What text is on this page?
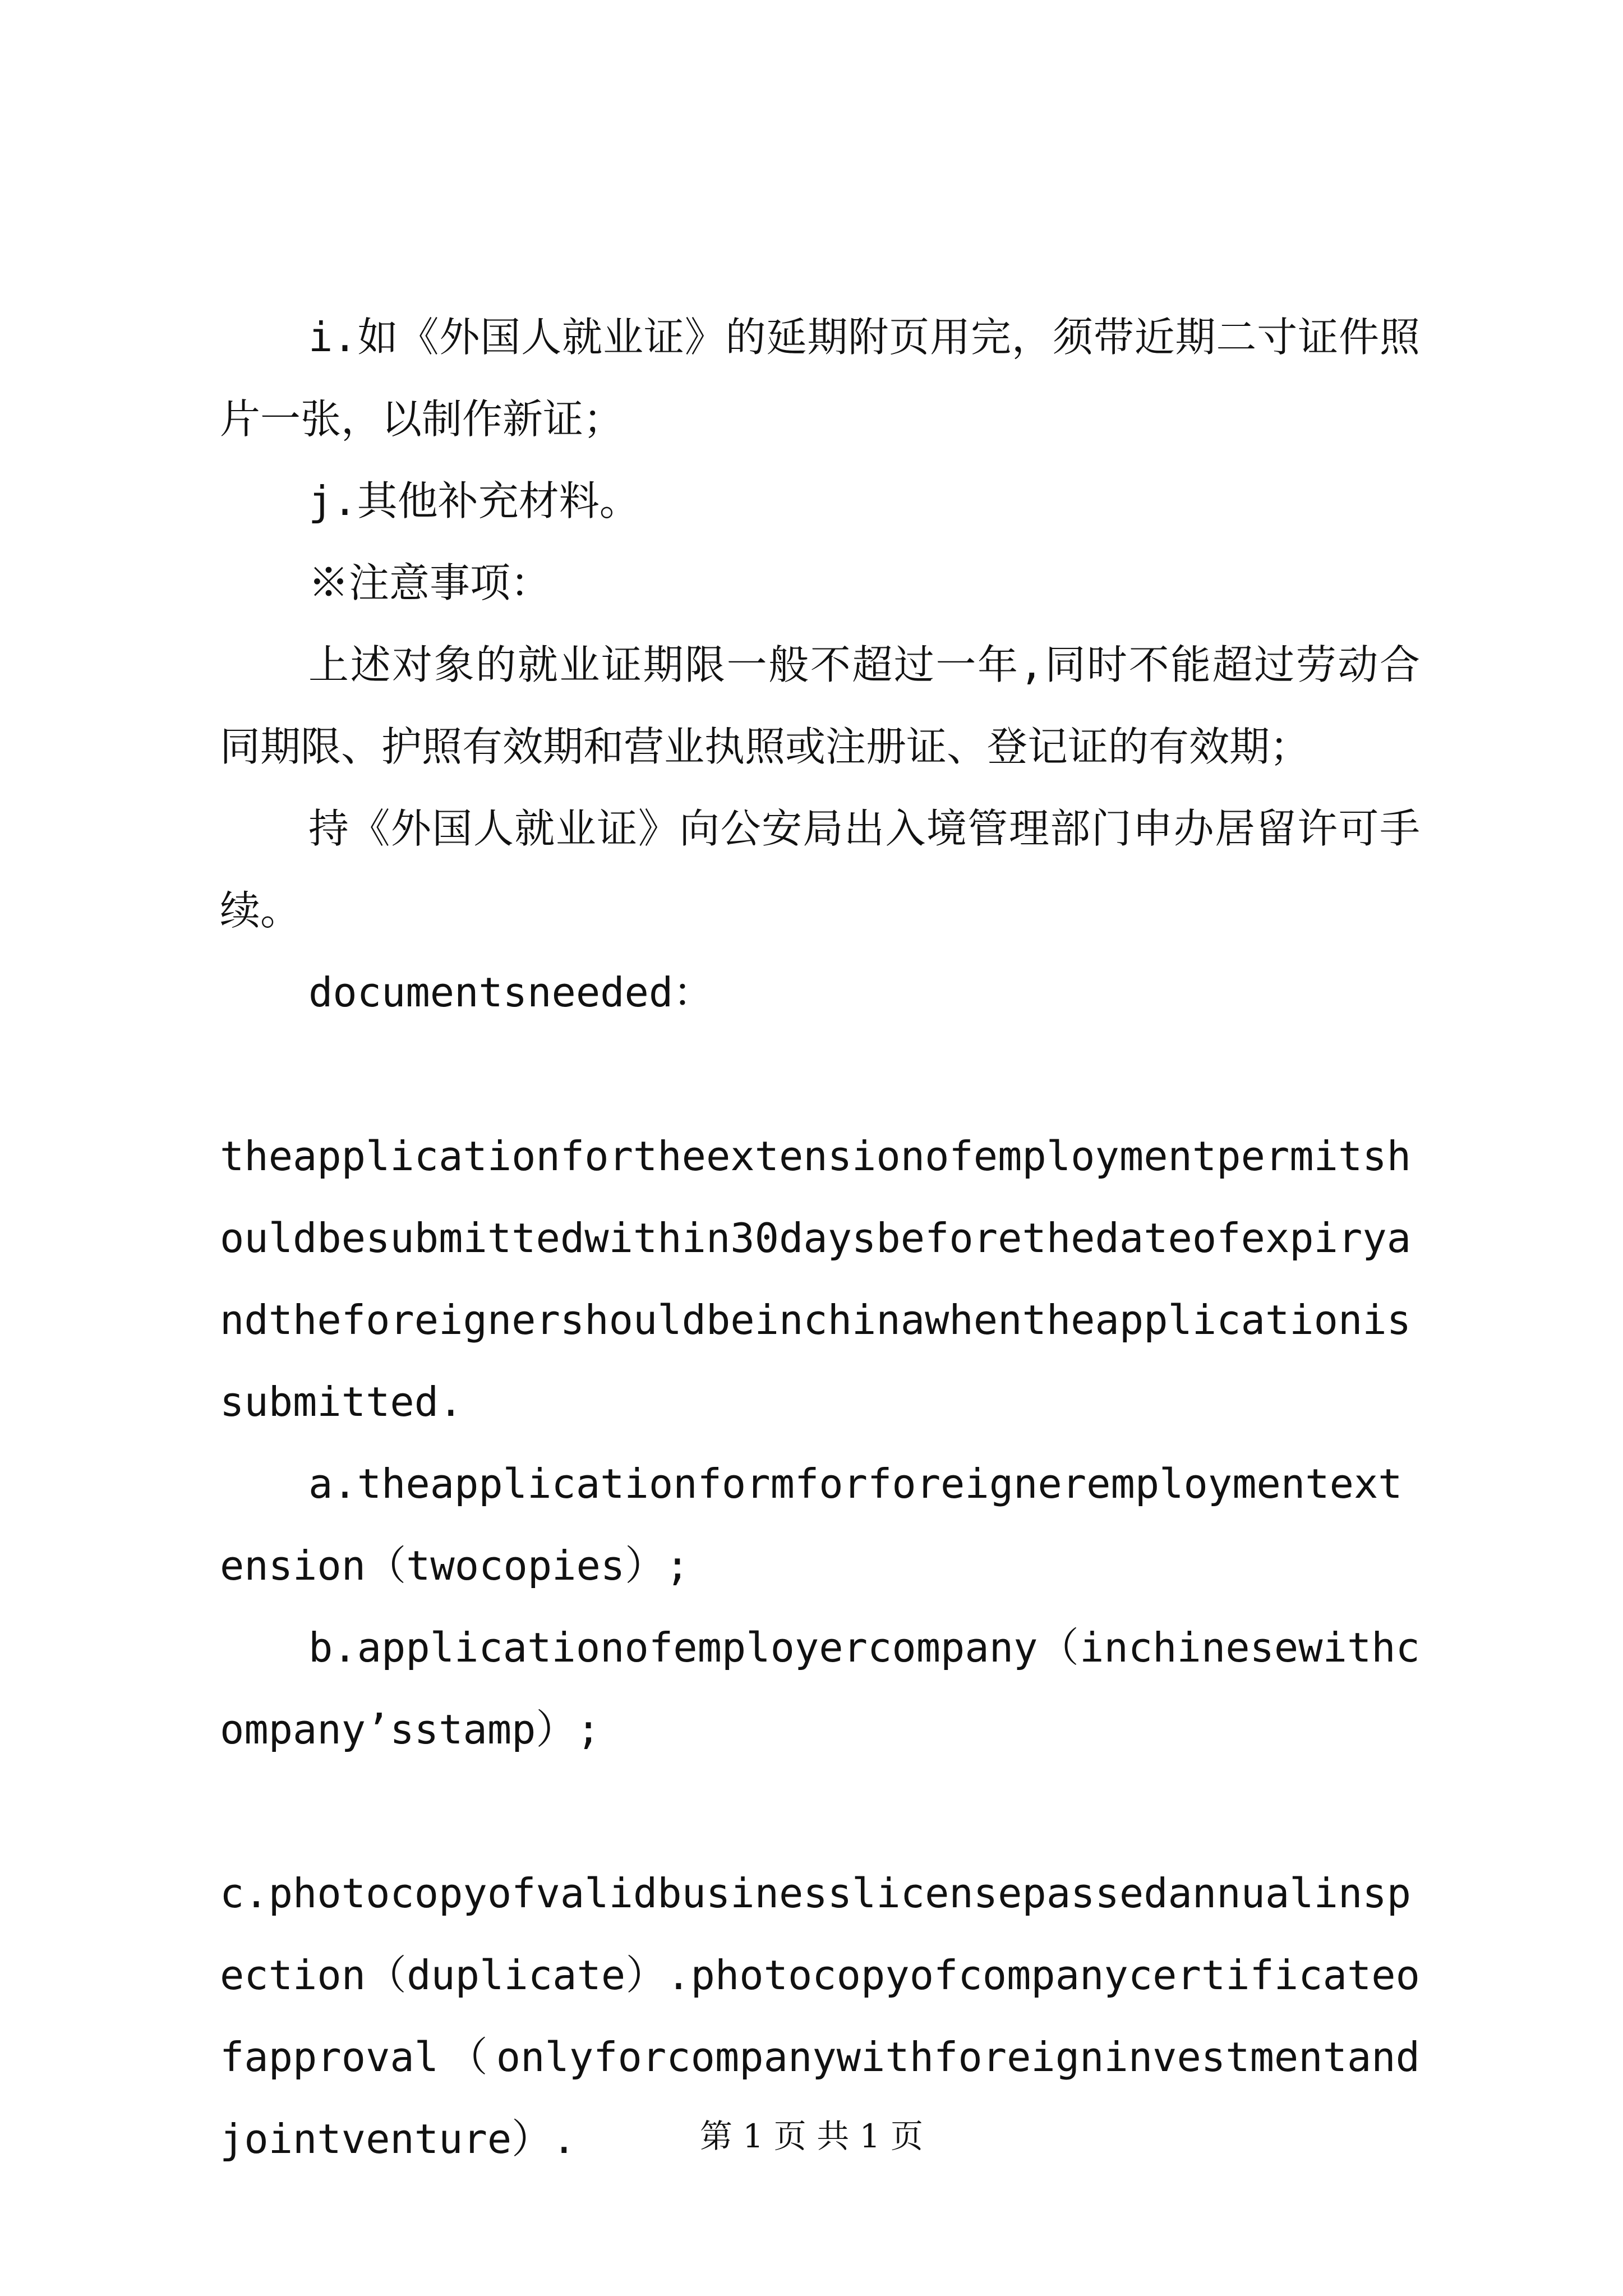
i.如《外国人就业证》的延期附页用完，须带近期二寸证件照片一张，以制作新证；

j.其他补充材料。

※注意事项：

上述对象的就业证期限一般不超过一年,同时不能超过劳动合同期限、护照有效期和营业执照或注册证、登记证的有效期；

持《外国人就业证》向公安局出入境管理部门申办居留许可手续。

documentsneeded：

theapplicationfortheextensionofemploymentpermitshouldbesubmittedwithin30daysbeforethedateofexpiryandtheforeignershouldbeinchinawhentheapplicationissubmitted.

a.theapplicationformforforeigneremploymentextension（twocopies）;

b.applicationofemployercompany（inchinesewithcompany’sstamp）;

c.photocopyofvalidbusinesslicensepassedannualinspection（duplicate）.photocopyofcompanycertificateofapproval（onlyforcompanywithforeigninvestmentandjointventure）.	第 1 页 共 1 页
